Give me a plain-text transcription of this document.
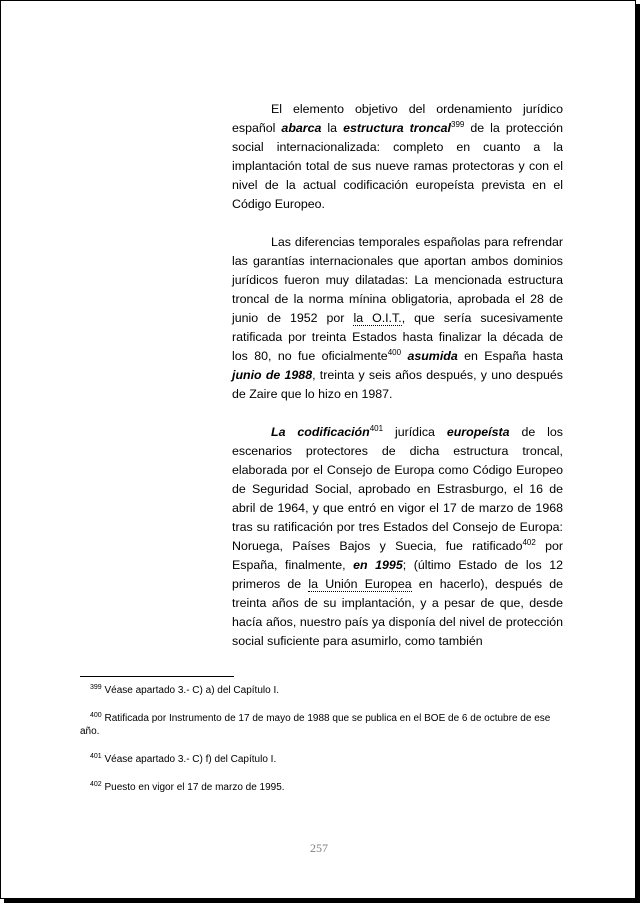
El elemento objetivo del ordenamiento jurídico español abarca la estructura troncal$^{399}$ de la protección social internacionalizada: completo en cuanto a la implantación total de sus nueve ramas protectoras y con el nivel de la actual codificación europeísta prevista en el Código Europeo.

Las diferencias temporales españolas para refrendar las garantías internacionales que aportan ambos dominios jurídicos fueron muy dilatadas: La mencionada estructura troncal de la norma mínina obligatoria, aprobada el 28 de junio de 1952 por la O.I.T., que sería sucesivamente ratificada por treinta Estados hasta finalizar la década de los 80, no fue oficialmente$^{400}$ asumida en España hasta junio de 1988, treinta y seis años después, y uno después de Zaire que lo hizo en 1987.

La codificación$^{401}$ jurídica europeísta de los escenarios protectores de dicha estructura troncal, elaborada por el Consejo de Europa como Código Europeo de Seguridad Social, aprobado en Estrasburgo, el 16 de abril de 1964, y que entró en vigor el 17 de marzo de 1968 tras su ratificación por tres Estados del Consejo de Europa: Noruega, Países Bajos y Suecia, fue ratificado$^{402}$ por España, finalmente, en 1995; (último Estado de los 12 primeros de la Unión Europea en hacerlo), después de treinta años de su implantación, y a pesar de que, desde hacía años, nuestro país ya disponía del nivel de protección social suficiente para asumirlo, como también

$^{399}$ Véase apartado 3.- C) a) del Capítulo I.
$^{400}$ Ratificada por Instrumento de 17 de mayo de 1988 que se publica en el BOE de 6 de octubre de ese año.
$^{401}$ Véase apartado 3.- C) f) del Capítulo I.
$^{402}$ Puesto en vigor el 17 de marzo de 1995.
257
